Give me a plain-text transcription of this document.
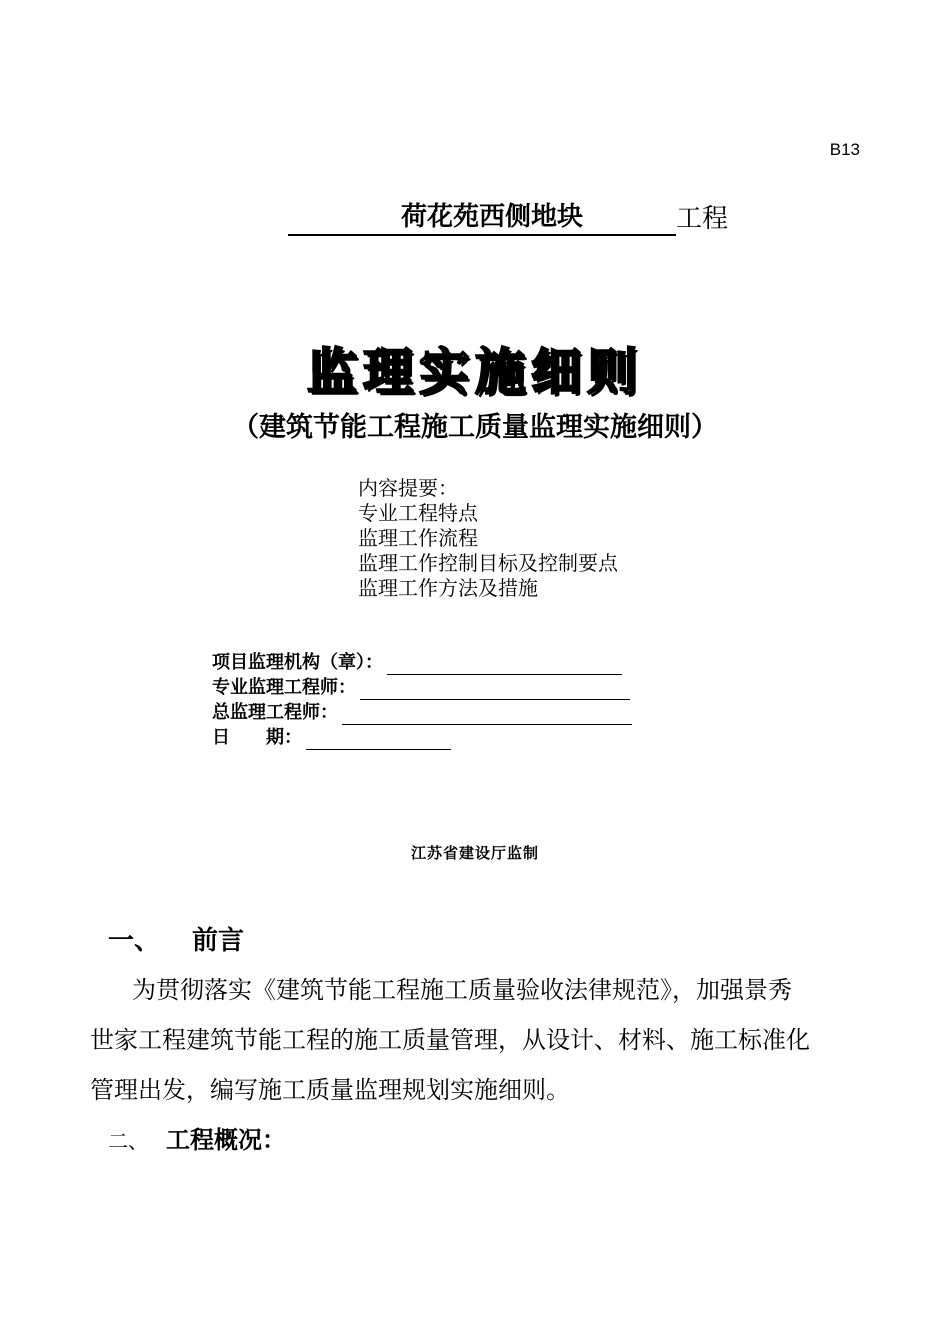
B13
荷花苑西侧地块	工程
监理实施细则
（建筑节能工程施工质量监理实施细则）
内容提要：
专业工程特点
监理工作流程
监理工作控制目标及控制要点
监理工作方法及措施
项目监理机构（章）：
专业监理工程师：
总监理工程师：
日　　期：
江苏省建设厅监制
一、 前言
为贯彻落实《建筑节能工程施工质量验收法律规范》，加强景秀
世家工程建筑节能工程的施工质量管理，从设计、材料、施工标准化
管理出发，编写施工质量监理规划实施细则。
二、 工程概况：
